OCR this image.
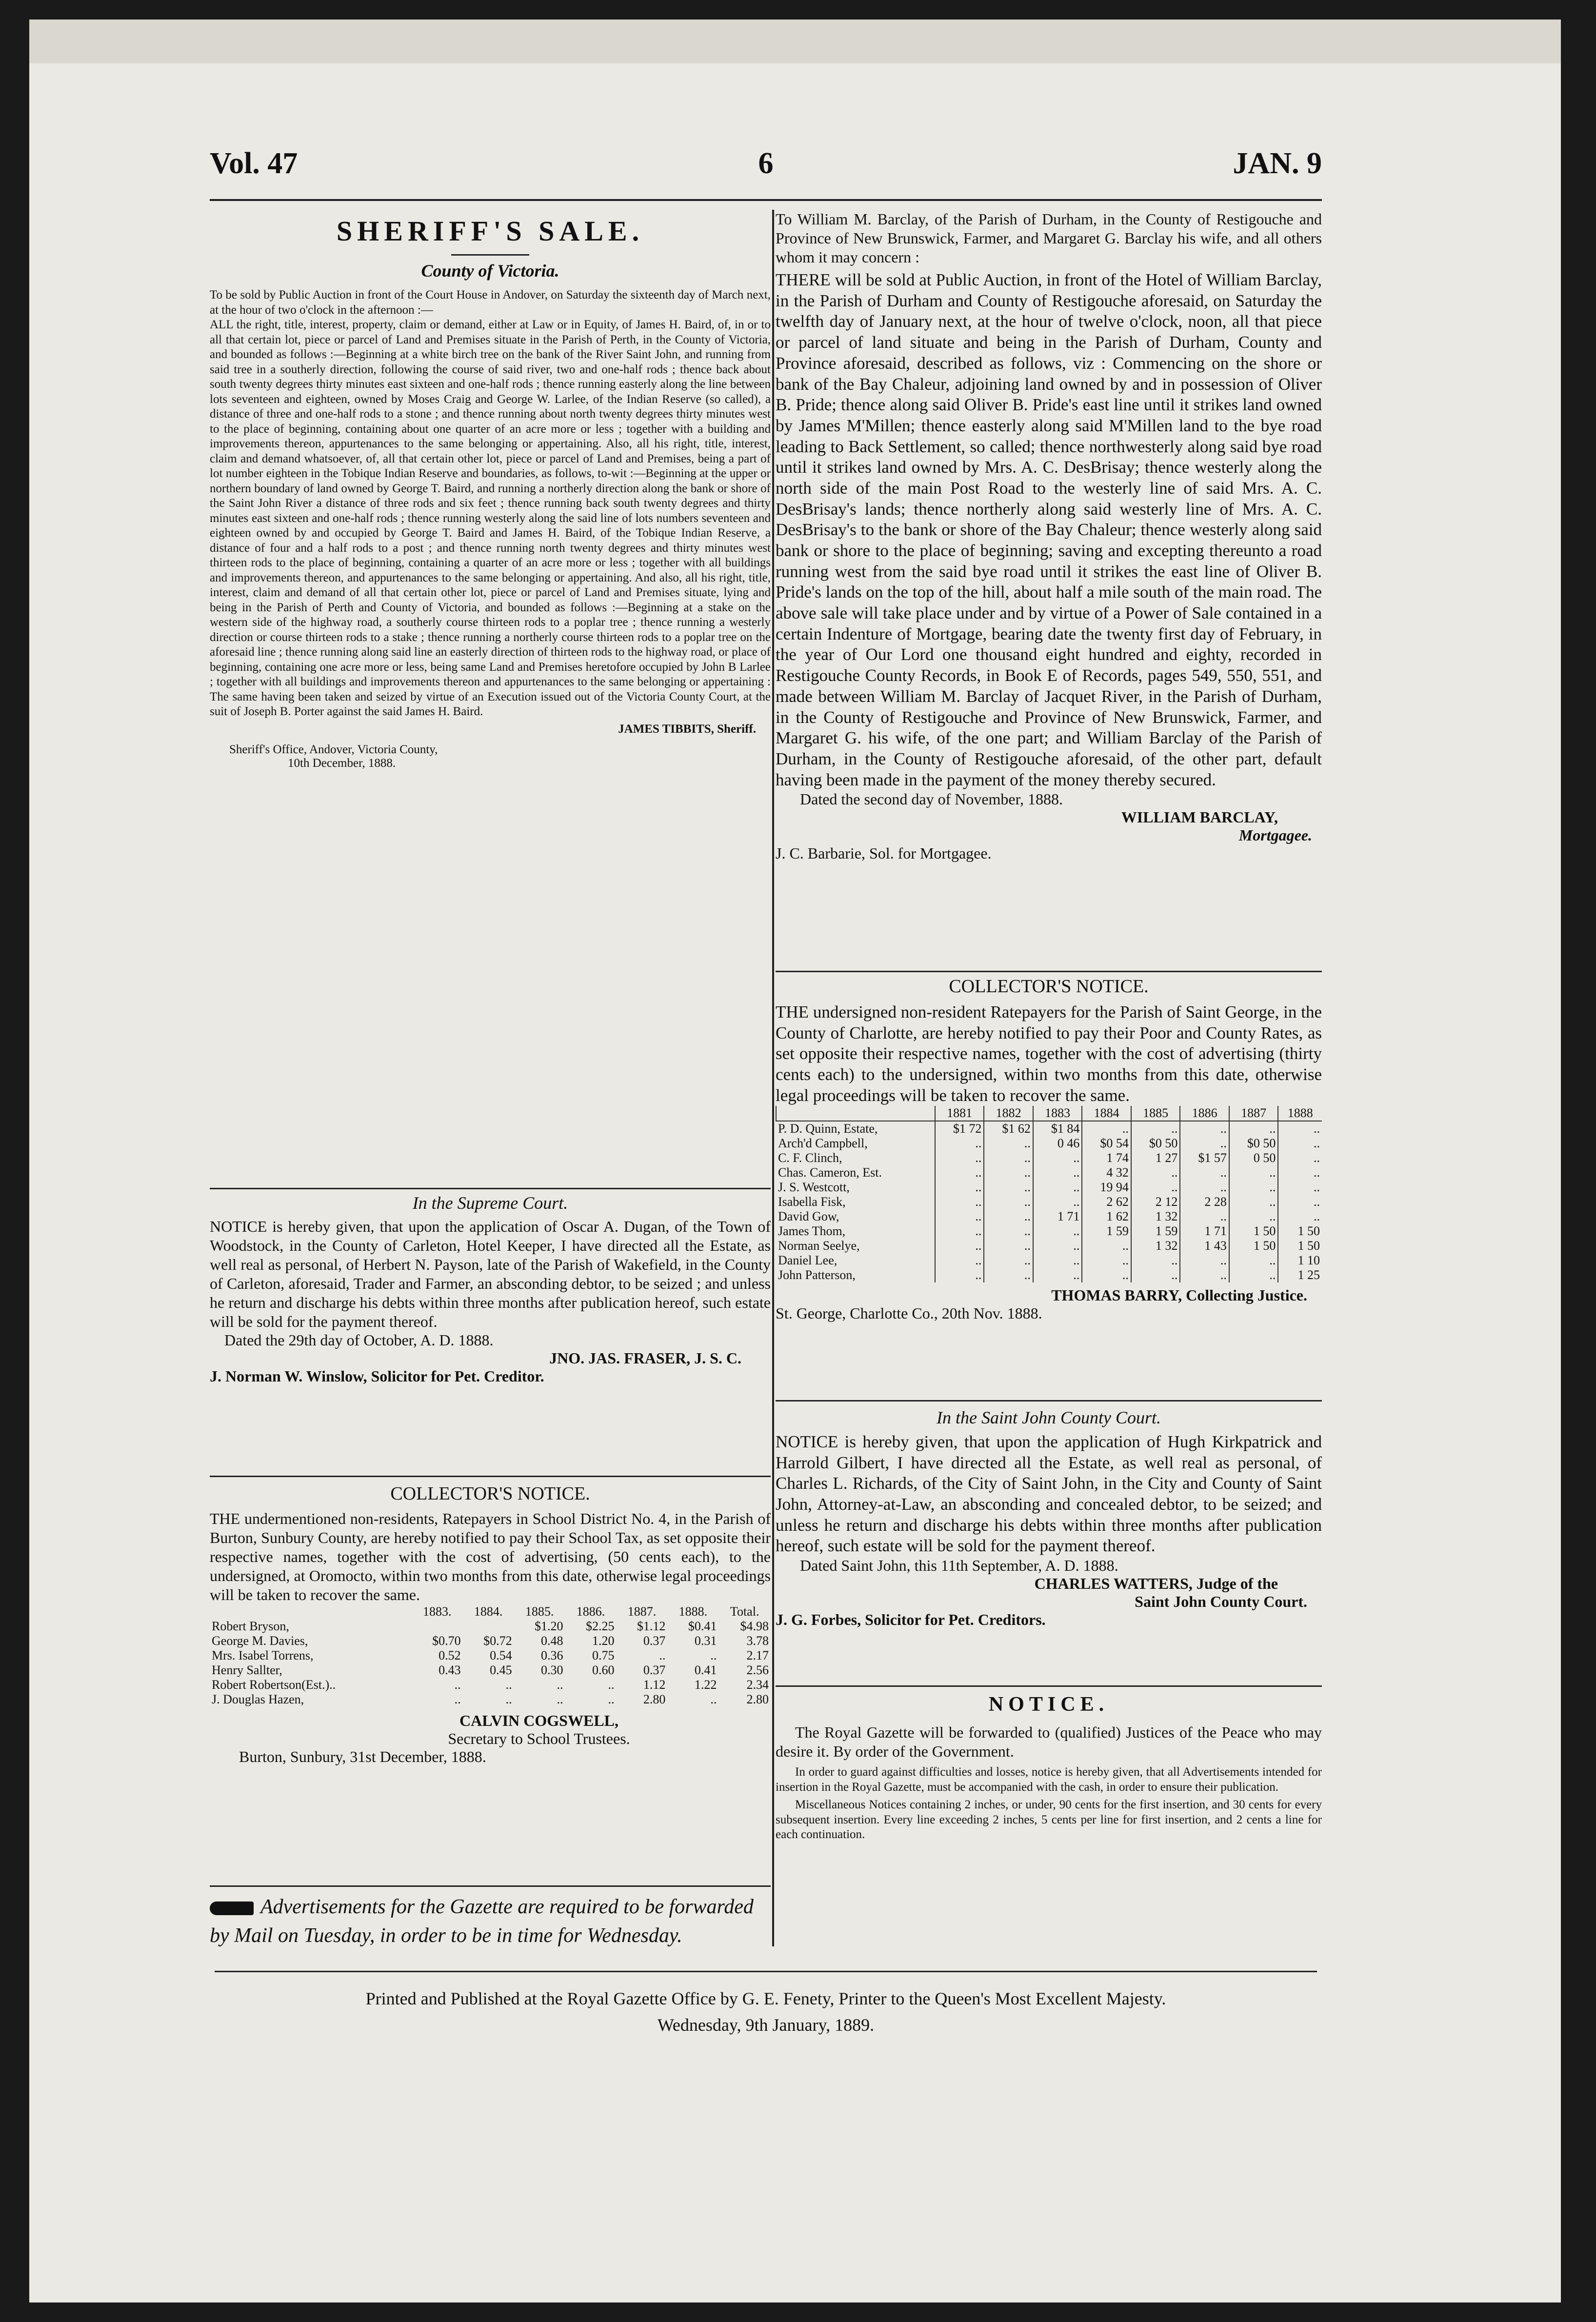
Vol. 47	6	JAN. 9
SHERIFF'S SALE.
County of Victoria.

To be sold by Public Auction in front of the Court House in Andover, on Saturday the sixteenth day of March next, at the hour of two o'clock in the afternoon :—

ALL the right, title, interest, property, claim or demand, either at Law or in Equity, of James H. Baird, of, in or to all that certain lot, piece or parcel of Land and Premises situate in the Parish of Perth, in the County of Victoria, and bounded as follows :—Beginning at a white birch tree on the bank of the River Saint John, and running from said tree in a southerly direction, following the course of said river, two and one-half rods ; thence back about south twenty degrees thirty minutes east sixteen and one-half rods ; thence running easterly along the line between lots seventeen and eighteen, owned by Moses Craig and George W. Larlee, of the Indian Reserve (so called), a distance of three and one-half rods to a stone ; and thence running about north twenty degrees thirty minutes west to the place of beginning, containing about one quarter of an acre more or less ; together with a building and improvements thereon, appurtenances to the same belonging or appertaining. Also, all his right, title, interest, claim and demand whatsoever, of, all that certain other lot, piece or parcel of Land and Premises, being a part of lot number eighteen in the Tobique Indian Reserve and boundaries, as follows, to-wit :—Beginning at the upper or northern boundary of land owned by George T. Baird, and running a northerly direction along the bank or shore of the Saint John River a distance of three rods and six feet ; thence running back south twenty degrees and thirty minutes east sixteen and one-half rods ; thence running westerly along the said line of lots numbers seventeen and eighteen owned by and occupied by George T. Baird and James H. Baird, of the Tobique Indian Reserve, a distance of four and a half rods to a post ; and thence running north twenty degrees and thirty minutes west thirteen rods to the place of beginning, containing a quarter of an acre more or less ; together with all buildings and improvements thereon, and appurtenances to the same belonging or appertaining. And also, all his right, title, interest, claim and demand of all that certain other lot, piece or parcel of Land and Premises situate, lying and being in the Parish of Perth and County of Victoria, and bounded as follows :—Beginning at a stake on the western side of the highway road, a southerly course thirteen rods to a poplar tree ; thence running a westerly direction or course thirteen rods to a stake ; thence running a northerly course thirteen rods to a poplar tree on the aforesaid line ; thence running along said line an easterly direction of thirteen rods to the highway road, or place of beginning, containing one acre more or less, being same Land and Premises heretofore occupied by John B Larlee ; together with all buildings and improvements thereon and appurtenances to the same belonging or appertaining : The same having been taken and seized by virtue of an Execution issued out of the Victoria County Court, at the suit of Joseph B. Porter against the said James H. Baird.

JAMES TIBBITS, Sheriff.
Sheriff's Office, Andover, Victoria County,
10th December, 1888.
In the Supreme Court.

NOTICE is hereby given, that upon the application of Oscar A. Dugan, of the Town of Woodstock, in the County of Carleton, Hotel Keeper, I have directed all the Estate, as well real as personal, of Herbert N. Payson, late of the Parish of Wakefield, in the County of Carleton, aforesaid, Trader and Farmer, an absconding debtor, to be seized ; and unless he return and discharge his debts within three months after publication hereof, such estate will be sold for the payment thereof.

Dated the 29th day of October, A. D. 1888.
JNO. JAS. FRASER, J. S. C.
J. Norman W. Winslow, Solicitor for Pet. Creditor.
COLLECTOR'S NOTICE.

THE undermentioned non-residents, Ratepayers in School District No. 4, in the Parish of Burton, Sunbury County, are hereby notified to pay their School Tax, as set opposite their respective names, together with the cost of advertising, (50 cents each), to the undersigned, at Oromocto, within two months from this date, otherwise legal proceedings will be taken to recover the same.

	1883.	1884.	1885.	1886.	1887.	1888.	Total.
Robert Bryson,			$1.20	$2.25	$1.12	$0.41	$4.98
George M. Davies,	$0.70	$0.72	0.48	1.20	0.37	0.31	3.78
Mrs. Isabel Torrens,	0.52	0.54	0.36	0.75	..	..	2.17
Henry Sallter,	0.43	0.45	0.30	0.60	0.37	0.41	2.56
Robert Robertson(Est.)..	..	..	..	..	1.12	1.22	2.34
J. Douglas Hazen,	..	..	..	..	2.80	..	2.80
CALVIN COGSWELL,
Secretary to School Trustees.
Burton, Sunbury, 31st December, 1888.
Advertisements for the Gazette are required to be forwarded by Mail on Tuesday, in order to be in time for Wednesday.

To William M. Barclay, of the Parish of Durham, in the County of Restigouche and Province of New Brunswick, Farmer, and Margaret G. Barclay his wife, and all others whom it may concern :

THERE will be sold at Public Auction, in front of the Hotel of William Barclay, in the Parish of Durham and County of Restigouche aforesaid, on Saturday the twelfth day of January next, at the hour of twelve o'clock, noon, all that piece or parcel of land situate and being in the Parish of Durham, County and Province aforesaid, described as follows, viz : Commencing on the shore or bank of the Bay Chaleur, adjoining land owned by and in possession of Oliver B. Pride; thence along said Oliver B. Pride's east line until it strikes land owned by James M'Millen; thence easterly along said M'Millen land to the bye road leading to Back Settlement, so called; thence northwesterly along said bye road until it strikes land owned by Mrs. A. C. DesBrisay; thence westerly along the north side of the main Post Road to the westerly line of said Mrs. A. C. DesBrisay's lands; thence northerly along said westerly line of Mrs. A. C. DesBrisay's to the bank or shore of the Bay Chaleur; thence westerly along said bank or shore to the place of beginning; saving and excepting thereunto a road running west from the said bye road until it strikes the east line of Oliver B. Pride's lands on the top of the hill, about half a mile south of the main road. The above sale will take place under and by virtue of a Power of Sale contained in a certain Indenture of Mortgage, bearing date the twenty first day of February, in the year of Our Lord one thousand eight hundred and eighty, recorded in Restigouche County Records, in Book E of Records, pages 549, 550, 551, and made between William M. Barclay of Jacquet River, in the Parish of Durham, in the County of Restigouche and Province of New Brunswick, Farmer, and Margaret G. his wife, of the one part; and William Barclay of the Parish of Durham, in the County of Restigouche aforesaid, of the other part, default having been made in the payment of the money thereby secured.

Dated the second day of November, 1888.
WILLIAM BARCLAY,
Mortgagee.
J. C. Barbarie, Sol. for Mortgagee.
COLLECTOR'S NOTICE.

THE undersigned non-resident Ratepayers for the Parish of Saint George, in the County of Charlotte, are hereby notified to pay their Poor and County Rates, as set opposite their respective names, together with the cost of advertising (thirty cents each) to the undersigned, within two months from this date, otherwise legal proceedings will be taken to recover the same.

	1881	1882	1883	1884	1885	1886	1887	1888
P. D. Quinn, Estate,	$1 72	$1 62	$1 84	..	..	..	..	..
Arch'd Campbell,	..	..	0 46	$0 54	$0 50	..	$0 50	..
C. F. Clinch,	..	..	..	1 74	1 27	$1 57	0 50	..
Chas. Cameron, Est.	..	..	..	4 32	..	..	..	..
J. S. Westcott,	..	..	..	19 94	..	..	..	..
Isabella Fisk,	..	..	..	2 62	2 12	2 28	..	..
David Gow,	..	..	1 71	1 62	1 32	..	..	..
James Thom,	..	..	..	1 59	1 59	1 71	1 50	1 50
Norman Seelye,	..	..	..	..	1 32	1 43	1 50	1 50
Daniel Lee,	..	..	..	..	..	..	..	1 10
John Patterson,	..	..	..	..	..	..	..	1 25
THOMAS BARRY, Collecting Justice.
St. George, Charlotte Co., 20th Nov. 1888.
In the Saint John County Court.

NOTICE is hereby given, that upon the application of Hugh Kirkpatrick and Harrold Gilbert, I have directed all the Estate, as well real as personal, of Charles L. Richards, of the City of Saint John, in the City and County of Saint John, Attorney-at-Law, an absconding and concealed debtor, to be seized; and unless he return and discharge his debts within three months after publication hereof, such estate will be sold for the payment thereof.

Dated Saint John, this 11th September, A. D. 1888.
CHARLES WATTERS, Judge of the
Saint John County Court.
J. G. Forbes, Solicitor for Pet. Creditors.
NOTICE.

The Royal Gazette will be forwarded to (qualified) Justices of the Peace who may desire it. By order of the Government.

In order to guard against difficulties and losses, notice is hereby given, that all Advertisements intended for insertion in the Royal Gazette, must be accompanied with the cash, in order to ensure their publication.

Miscellaneous Notices containing 2 inches, or under, 90 cents for the first insertion, and 30 cents for every subsequent insertion. Every line exceeding 2 inches, 5 cents per line for first insertion, and 2 cents a line for each continuation.

Printed and Published at the Royal Gazette Office by G. E. Fenety, Printer to the Queen's Most Excellent Majesty.
Wednesday, 9th January, 1889.
